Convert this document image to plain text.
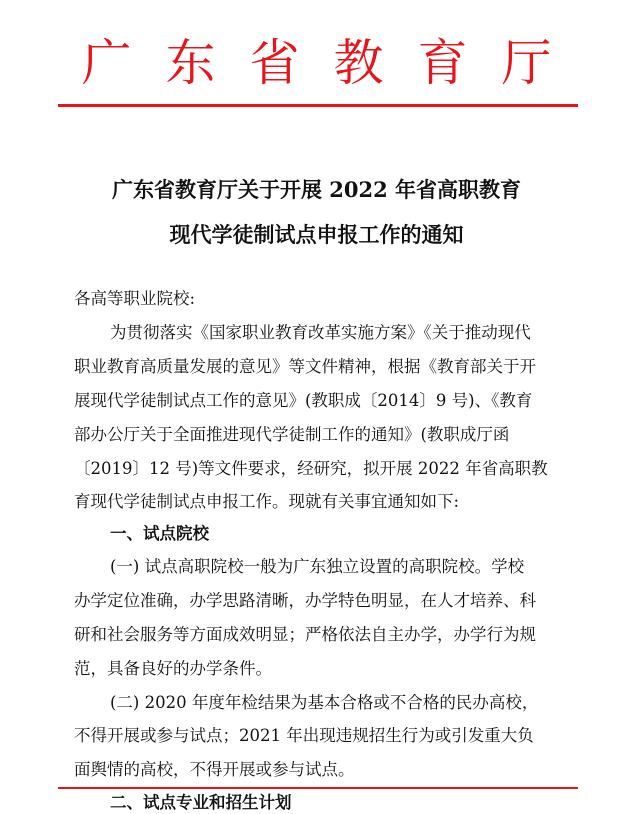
广东省教育厅
广东省教育厅关于开展 2022 年省高职教育
现代学徒制试点申报工作的通知
各高等职业院校:
为贯彻落实《国家职业教育改革实施方案》《关于推动现代
职业教育高质量发展的意见》等文件精神，根据《教育部关于开
展现代学徒制试点工作的意见》(教职成〔2014〕9 号)、《教育
部办公厅关于全面推进现代学徒制工作的通知》(教职成厅函
〔2019〕12 号)等文件要求，经研究，拟开展 2022 年省高职教
育现代学徒制试点申报工作。现就有关事宜通知如下:
一、试点院校
(一) 试点高职院校一般为广东独立设置的高职院校。学校
办学定位准确，办学思路清晰，办学特色明显，在人才培养、科
研和社会服务等方面成效明显；严格依法自主办学，办学行为规
范，具备良好的办学条件。
(二) 2020 年度年检结果为基本合格或不合格的民办高校，
不得开展或参与试点；2021 年出现违规招生行为或引发重大负
面舆情的高校，不得开展或参与试点。
二、试点专业和招生计划
